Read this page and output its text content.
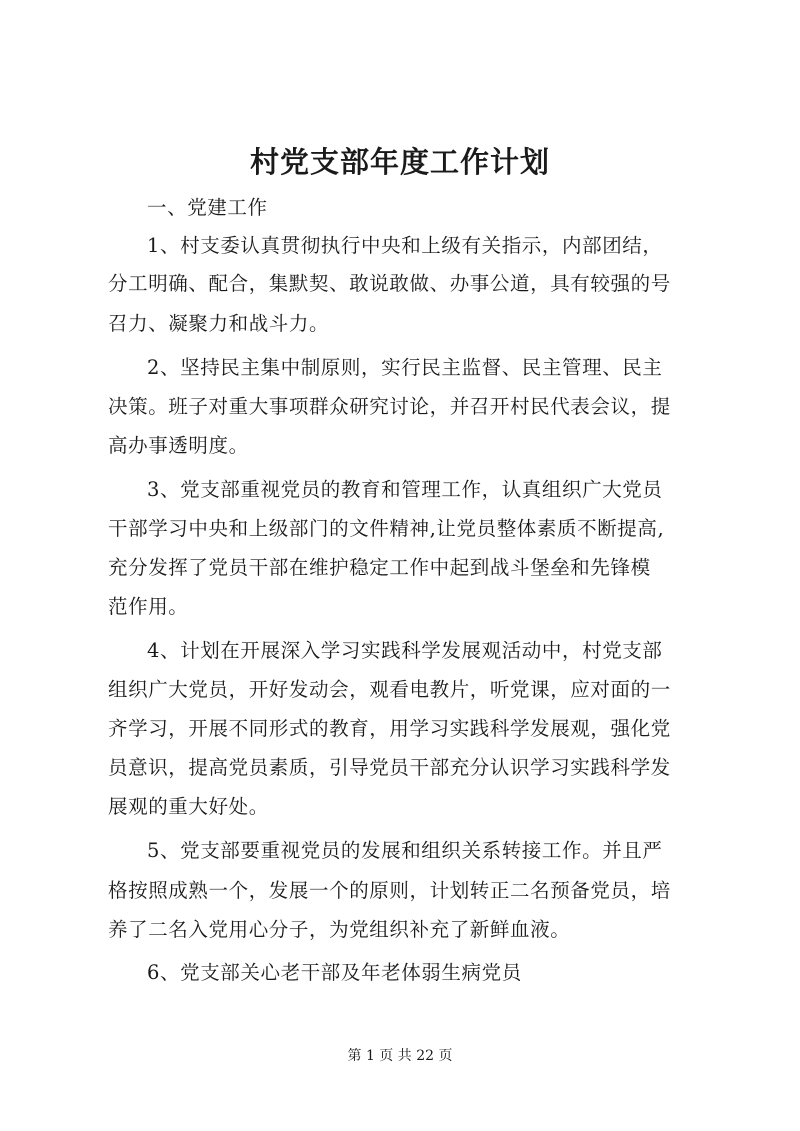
村党支部年度工作计划
一、党建工作
1、村支委认真贯彻执行中央和上级有关指示，内部团结，
分工明确、配合，集默契、敢说敢做、办事公道，具有较强的号
召力、凝聚力和战斗力。
2、坚持民主集中制原则，实行民主监督、民主管理、民主
决策。班子对重大事项群众研究讨论，并召开村民代表会议，提
高办事透明度。
3、党支部重视党员的教育和管理工作，认真组织广大党员
干部学习中央和上级部门的文件精神,让党员整体素质不断提高,
充分发挥了党员干部在维护稳定工作中起到战斗堡垒和先锋模
范作用。
4、计划在开展深入学习实践科学发展观活动中，村党支部
组织广大党员，开好发动会，观看电教片，听党课，应对面的一
齐学习，开展不同形式的教育，用学习实践科学发展观，强化党
员意识，提高党员素质，引导党员干部充分认识学习实践科学发
展观的重大好处。
5、党支部要重视党员的发展和组织关系转接工作。并且严
格按照成熟一个，发展一个的原则，计划转正二名预备党员，培
养了二名入党用心分子，为党组织补充了新鲜血液。
6、党支部关心老干部及年老体弱生病党员
第 1 页 共 22 页
